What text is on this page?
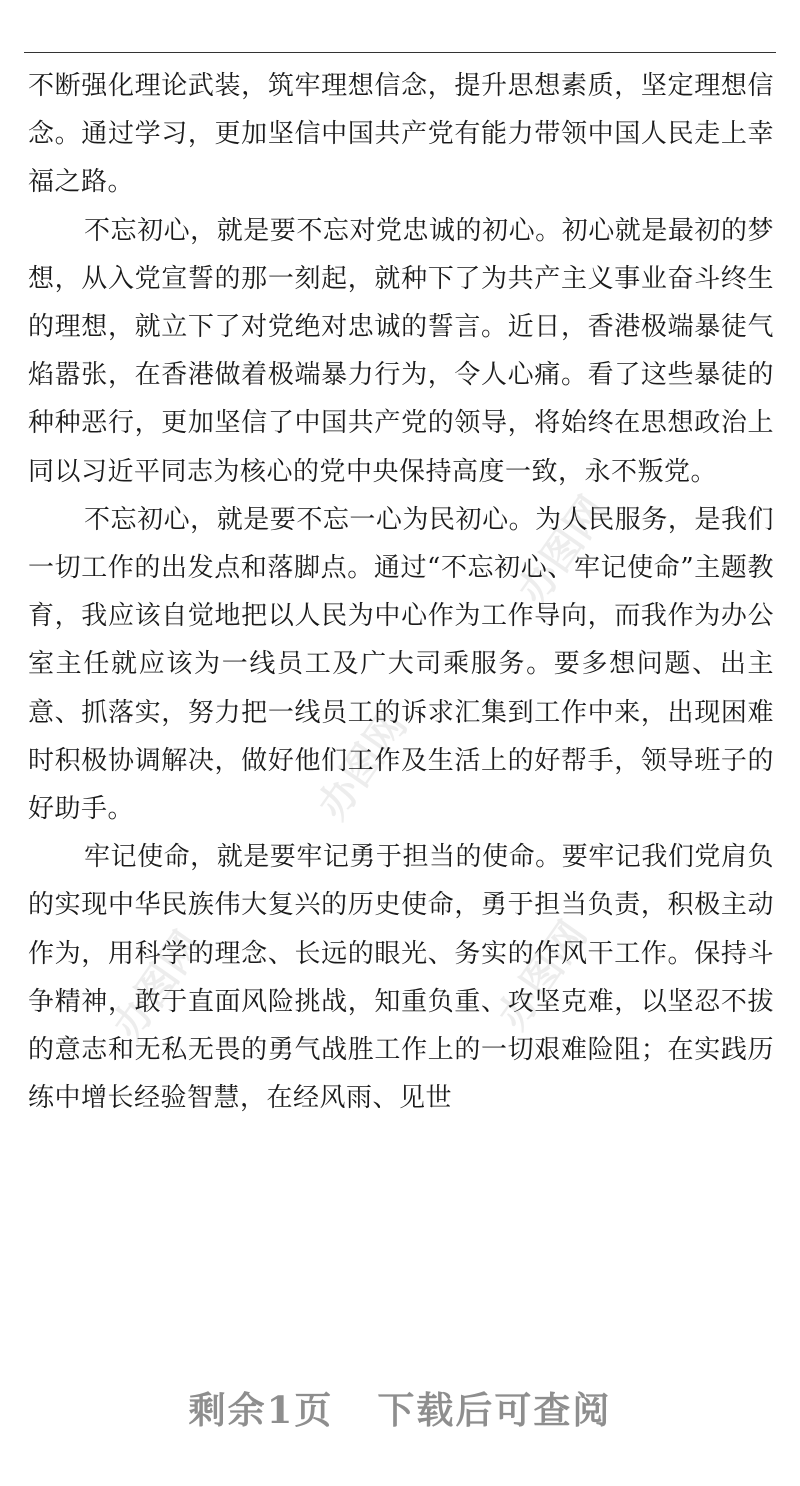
不断强化理论武装，筑牢理想信念，提升思想素质，坚定理想信念。通过学习，更加坚信中国共产党有能力带领中国人民走上幸福之路。

不忘初心，就是要不忘对党忠诚的初心。初心就是最初的梦想，从入党宣誓的那一刻起，就种下了为共产主义事业奋斗终生的理想，就立下了对党绝对忠诚的誓言。近日，香港极端暴徒气焰嚣张，在香港做着极端暴力行为，令人心痛。看了这些暴徒的种种恶行，更加坚信了中国共产党的领导，将始终在思想政治上同以习近平同志为核心的党中央保持高度一致，永不叛党。

不忘初心，就是要不忘一心为民初心。为人民服务，是我们一切工作的出发点和落脚点。通过“不忘初心、牢记使命”主题教育，我应该自觉地把以人民为中心作为工作导向，而我作为办公室主任就应该为一线员工及广大司乘服务。要多想问题、出主意、抓落实，努力把一线员工的诉求汇集到工作中来，出现困难时积极协调解决，做好他们工作及生活上的好帮手，领导班子的好助手。

牢记使命，就是要牢记勇于担当的使命。要牢记我们党肩负的实现中华民族伟大复兴的历史使命，勇于担当负责，积极主动作为，用科学的理念、长远的眼光、务实的作风干工作。保持斗争精神，敢于直面风险挑战，知重负重、攻坚克难，以坚忍不拔的意志和无私无畏的勇气战胜工作上的一切艰难险阻；在实践历练中增长经验智慧，在经风雨、见世

办图网
办图网
办图网	办图网
剩余1页 下载后可查阅
